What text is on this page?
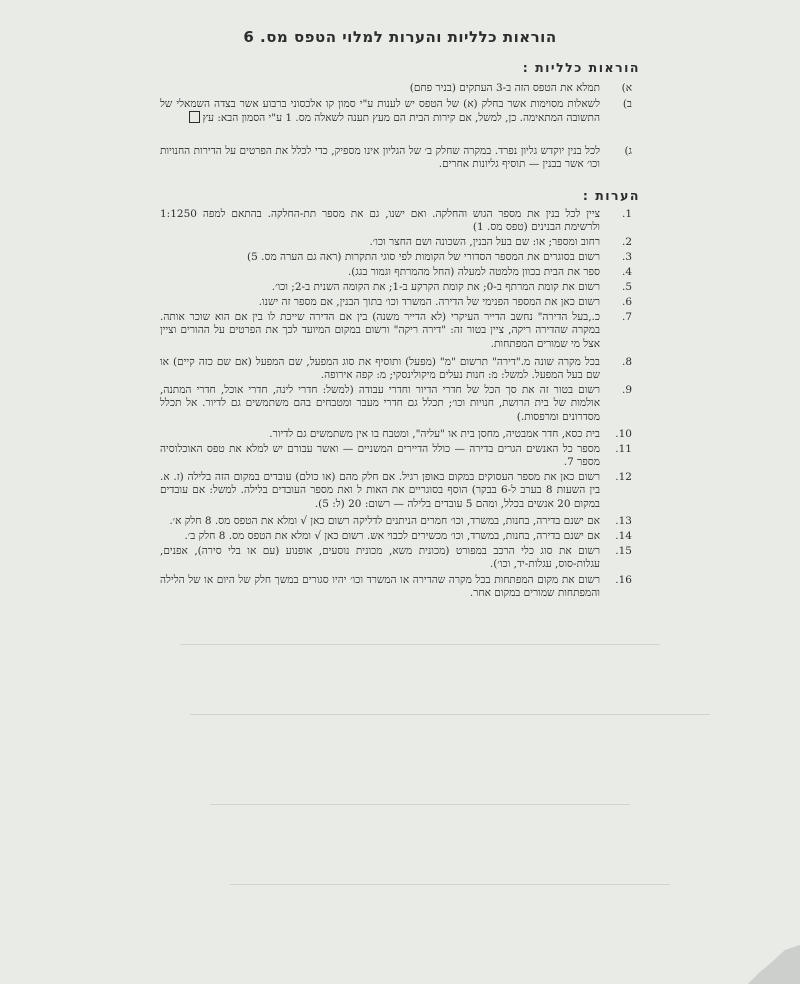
הוראות כלליות והערות למלוי הטפס מס. 6
הוראות כלליות :
א)
תמלא את הטפס הזה ב-3 העתקים (בניר פחם)
ב)
לשאלות מסוימות אשר בחלק (א) של הטפס יש לענות ע"י סמון קו אלכסוני ברבוע אשר בצדה השמאלי של התשובה המתאימה. כן, למשל, אם קירות הבית הם מעץ תענה לשאלה מס. 1 ע"י הסמון הבא: עץ
ג)
לכל בנין יוקדש גליון נפרד. במקרה שחלק ב׳ של הגליון אינו מספיק, כדי לכלל את הפרטים על הדירות החנויות וכו׳ אשר בבנין — תוסיף גליונות אחרים.
הערות :
1.
ציין לכל בנין את מספר הגוש והחלקה. ואם ישנו, גם את מספר תת-החלקה. בהתאם למפה 1:1250 ולרשימת הבנינים (טפס מס. 1)
2.
רחוב ומספר; או: שם בעל הבנין, השכונה ושם החצר וכו׳.
3.
רשום בסוגרים את המספר הסדורי של הקומות לפי סוגי התקרות (ראה גם הערה מס. 5)
4.
ספר את הבית בכוון מלמטה למעלה (החל מהמרתף וגמור בגג).
5.
רשום את קומת המרתף ב-0; את קומת הקרקע ב-1; את הקומה השנית ב-2; וכו׳.
6.
רשום כאן את המספר הפנימי של הדירה. המשרד וכו׳ בתוך הבנין, אם מספר זה ישנו.
7.
כ.,בעל הדירה" נחשב הדייר העיקרי (לא הדייר משנה) בין אם הדירה שייכת לו בין אם הוא שוכר אותה. במקרה שהדירה ריקה, ציין בטור זה: "דירה ריקה" ורשום במקום המיועד לכך את הפרטים על ההורים וציין אצל מי שמורים המפתחות.
8.
בכל מקרה שונה מ."דירה" תרשום "מ" (מפעל) ותוסיף את סוג המפעל, שם המפעל (אם שם כזה קיים) או שם בעל המפעל. למשל: מ: חנות נעלים מיקולינסקי; מ: קפה אירופה.
9.
רשום בטור זה את סך הכל של חדרי הדיור וחדרי עבודה (למשל: חדרי לינה, חדרי אוכל, חדרי המתנה, אולמות של בית הרושת, חנויות וכו׳; תכלל גם חדרי מעבר ומטבחים בהם משתמשים גם לדיור. אל תכלל מסדרונים ומרפסות.)
10.
בית כסא, חדר אמבטיה, מחסן בית או "עליה", ומטבח בו אין משתמשים גם לדיור.
11.
מספר כל האנשים הגרים בדירה — כולל הדיירים המשניים — ואשר עבורם יש למלא את טפס האוכלוסיה מספר 7.
12.
רשום כאן את מספר העסוקים במקום באופן רגיל. אם חלק מהם (או כולם) עובדים במקום הזה בלילה (ז. א. בין השעות 8 בערב ל-6 בבקר) הוסף בסוגריים את האות ל ואת מספר העובדים בלילה. למשל: אם עובדים במקום 20 אנשים בכלל, ומהם 5 עובדים בלילה — רשום: 20 (ל: 5).
13.
אם ישנם בדירה, בחנות, במשרד, וכו׳ חמרים הניתנים לדליקה רשום כאן √ ומלא את הטפס מס. 8 חלק א׳.
14.
אם ישנם בדירה, בחנות, במשרד, וכו׳ מכשירים לכבוי אש. רשום כאן √ ומלא את הטפס מס. 8 חלק ב׳.
15.
רשום את סוג כלי הרכב במפורט (מכונית משא, מכונית נוסעים, אופנוע (עם או בלי סירה), אפנים, עגלות-סוס, עגלות-יד, וכו׳).
16.
רשום את מקום המפתחות בכל מקרה שהדירה או המשרד וכו׳ יהיו סגורים במשך חלק של היום או של הלילה והמפתחות שמורים במקום אחר.
